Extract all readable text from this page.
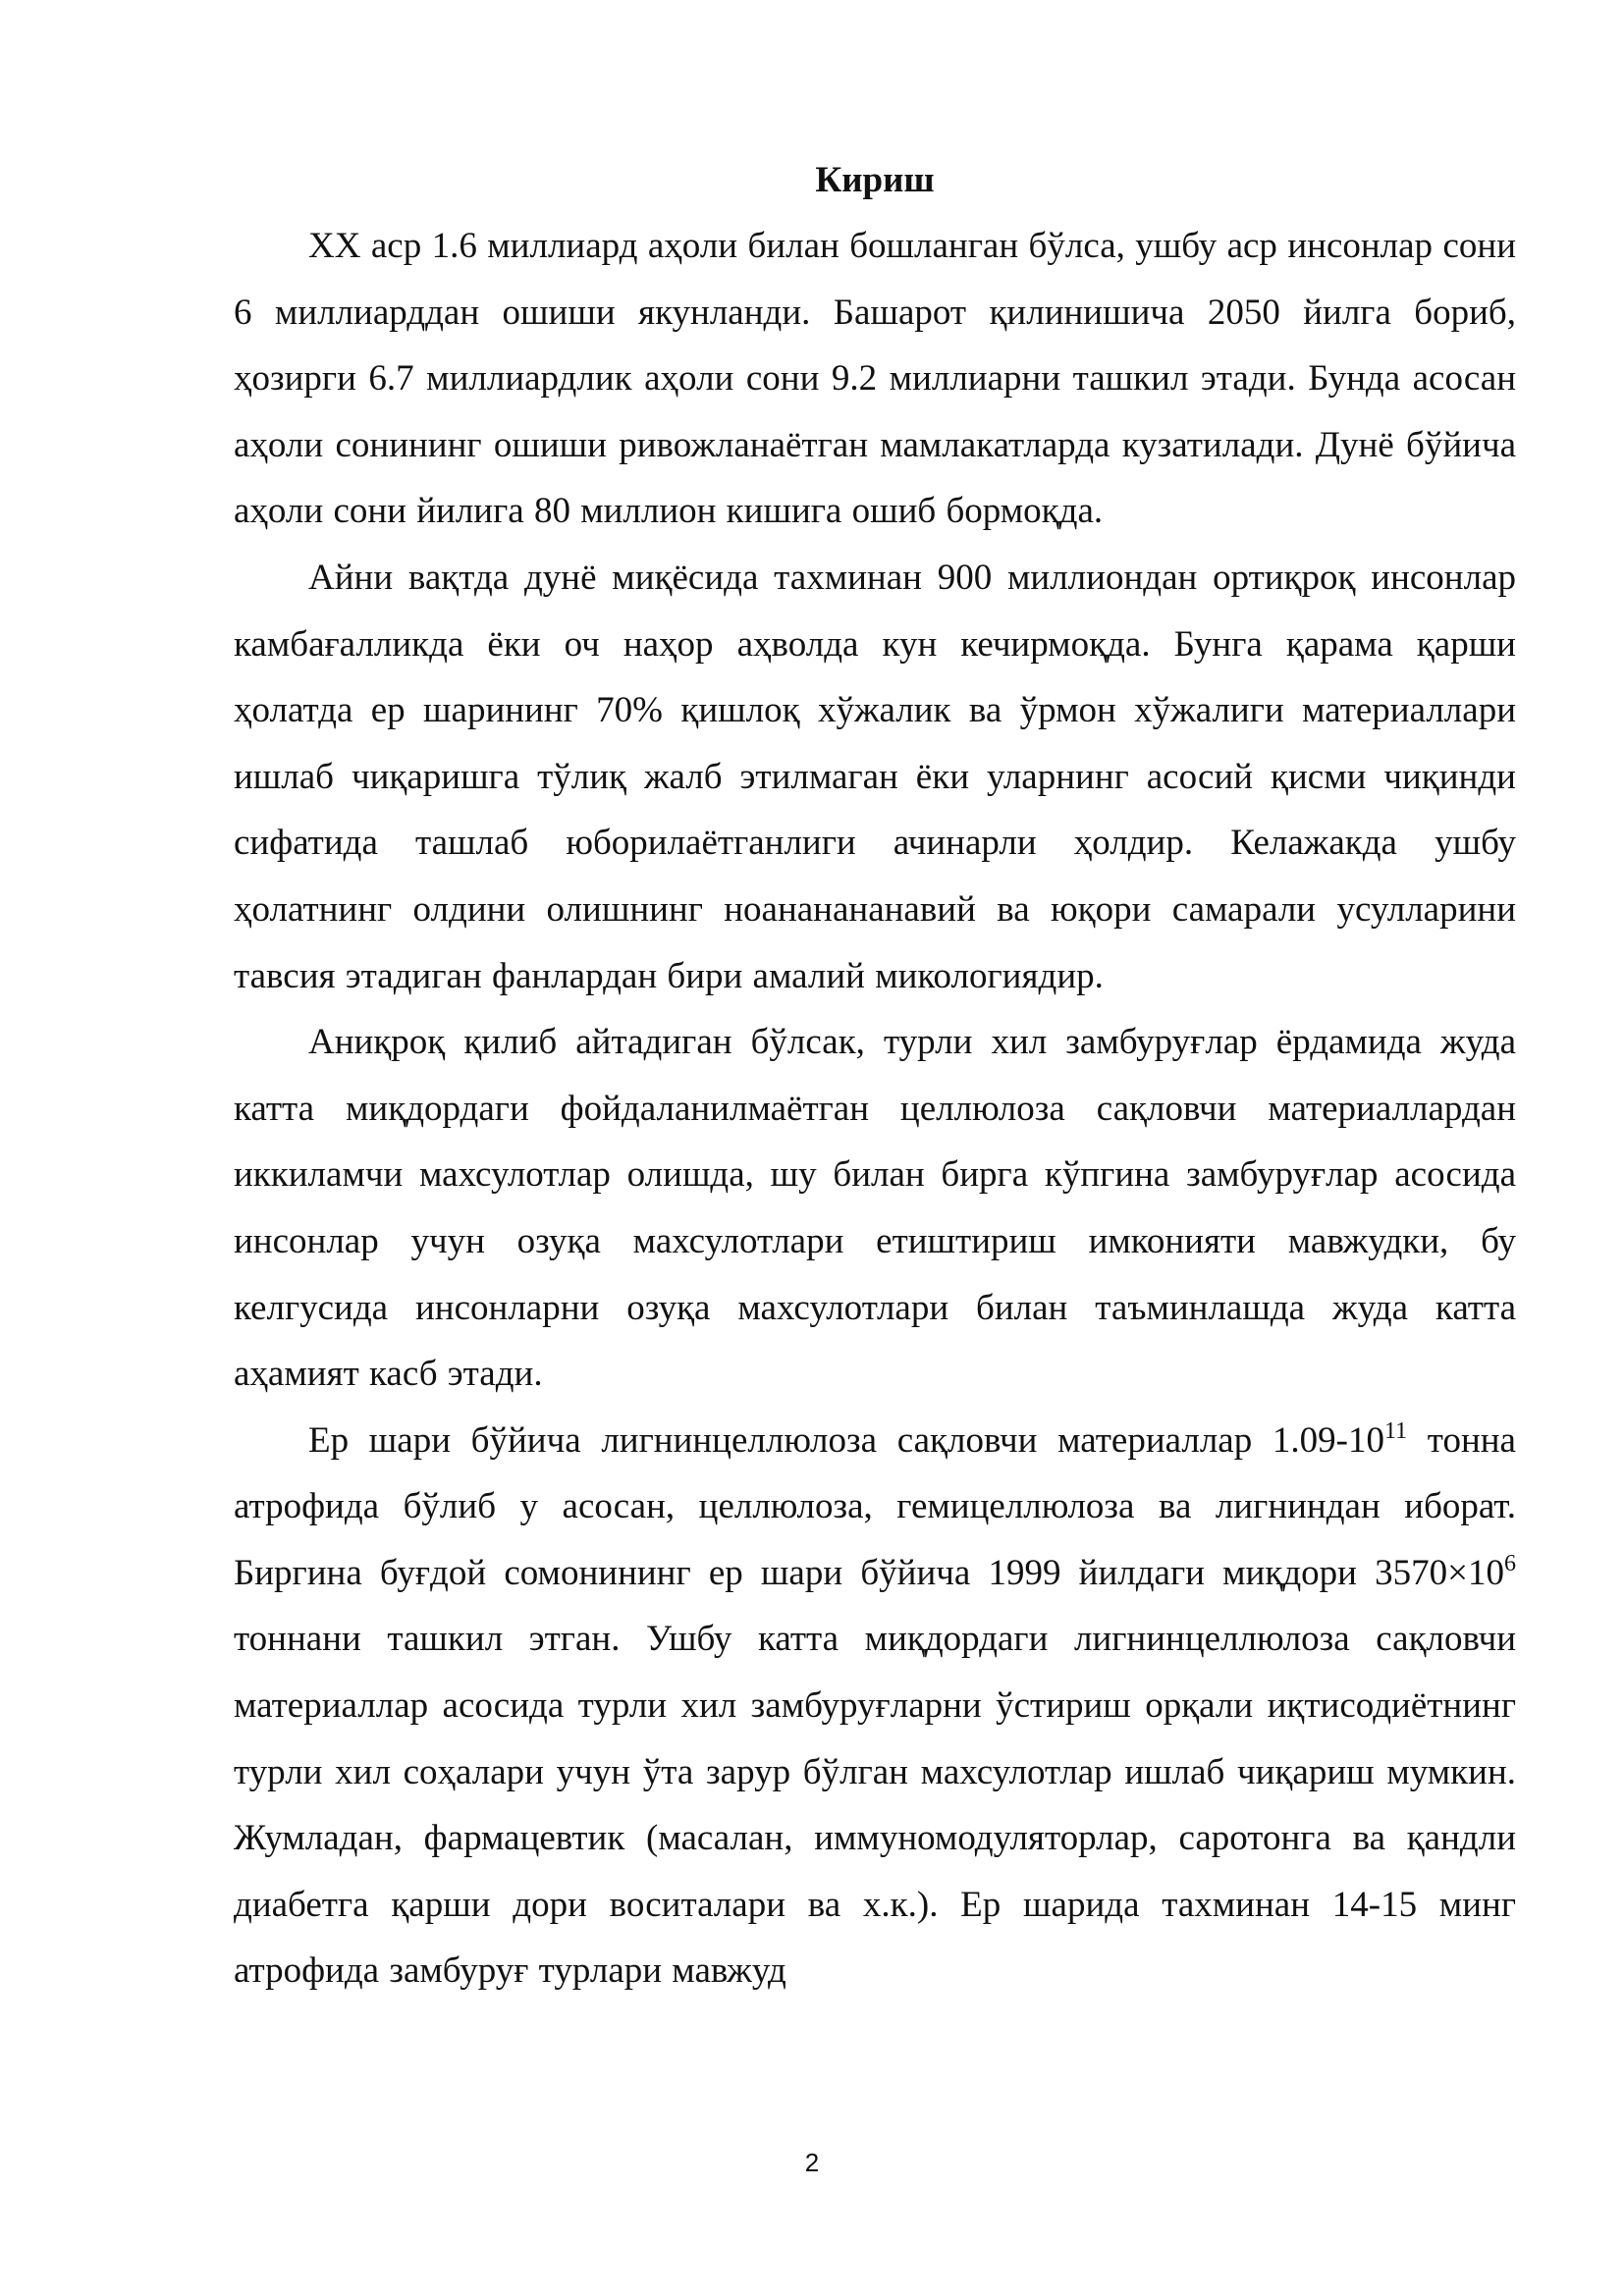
Кириш

XX аср 1.6 миллиард аҳоли билан бошланган бўлса, ушбу аср инсонлар сони 6 миллиарддан ошиши якунланди. Башарот қилинишича 2050 йилга бориб, ҳозирги 6.7 миллиардлик аҳоли сони 9.2 миллиарни ташкил этади. Бунда асосан аҳоли сонининг ошиши ривожланаётган мамлакатларда кузатилади. Дунё бўйича аҳоли сони йилига 80 миллион кишига ошиб бормоқда.

Айни вақтда дунё миқёсида тахминан 900 миллиондан ортиқроқ инсонлар камбағалликда ёки оч наҳор аҳволда кун кечирмоқда. Бунга қарама қарши ҳолатда ер шарининг 70% қишлоқ хўжалик ва ўрмон хўжалиги материаллари ишлаб чиқаришга тўлиқ жалб этилмаган ёки уларнинг асосий қисми чиқинди сифатида ташлаб юборилаётганлиги ачинарли ҳолдир. Келажакда ушбу ҳолатнинг олдини олишнинг ноананананавий ва юқори самарали усулларини тавсия этадиган фанлардан бири амалий микологиядир.

Аниқроқ қилиб айтадиган бўлсак, турли хил замбуруғлар ёрдамида жуда катта миқдордаги фойдаланилмаётган целлюлоза сақловчи материаллардан иккиламчи махсулотлар олишда, шу билан бирга кўпгина замбуруғлар асосида инсонлар учун озуқа махсулотлари етиштириш имконияти мавжудки, бу келгусида инсонларни озуқа махсулотлари билан таъминлашда жуда катта аҳамият касб этади.

Ер шари бўйича лигнинцеллюлоза сақловчи материаллар $1.09-10^{11}$ тонна атрофида бўлиб у асосан, целлюлоза, гемицеллюлоза ва лигниндан иборат. Биргина буғдой сомонининг ер шари бўйича 1999 йилдаги миқдори $3570\times 10^6$ тоннани ташкил этган. Ушбу катта миқдордаги лигнинцеллюлоза сақловчи материаллар асосида турли хил замбуруғларни ўстириш орқали иқтисодиётнинг турли хил соҳалари учун ўта зарур бўлган махсулотлар ишлаб чиқариш мумкин. Жумладан, фармацевтик (масалан, иммуномодуляторлар, саротонга ва қандли диабетга қарши дори воситалари ва х.к.). Ер шарида тахминан 14-15 минг атрофида замбуруғ турлари мавжуд

2
